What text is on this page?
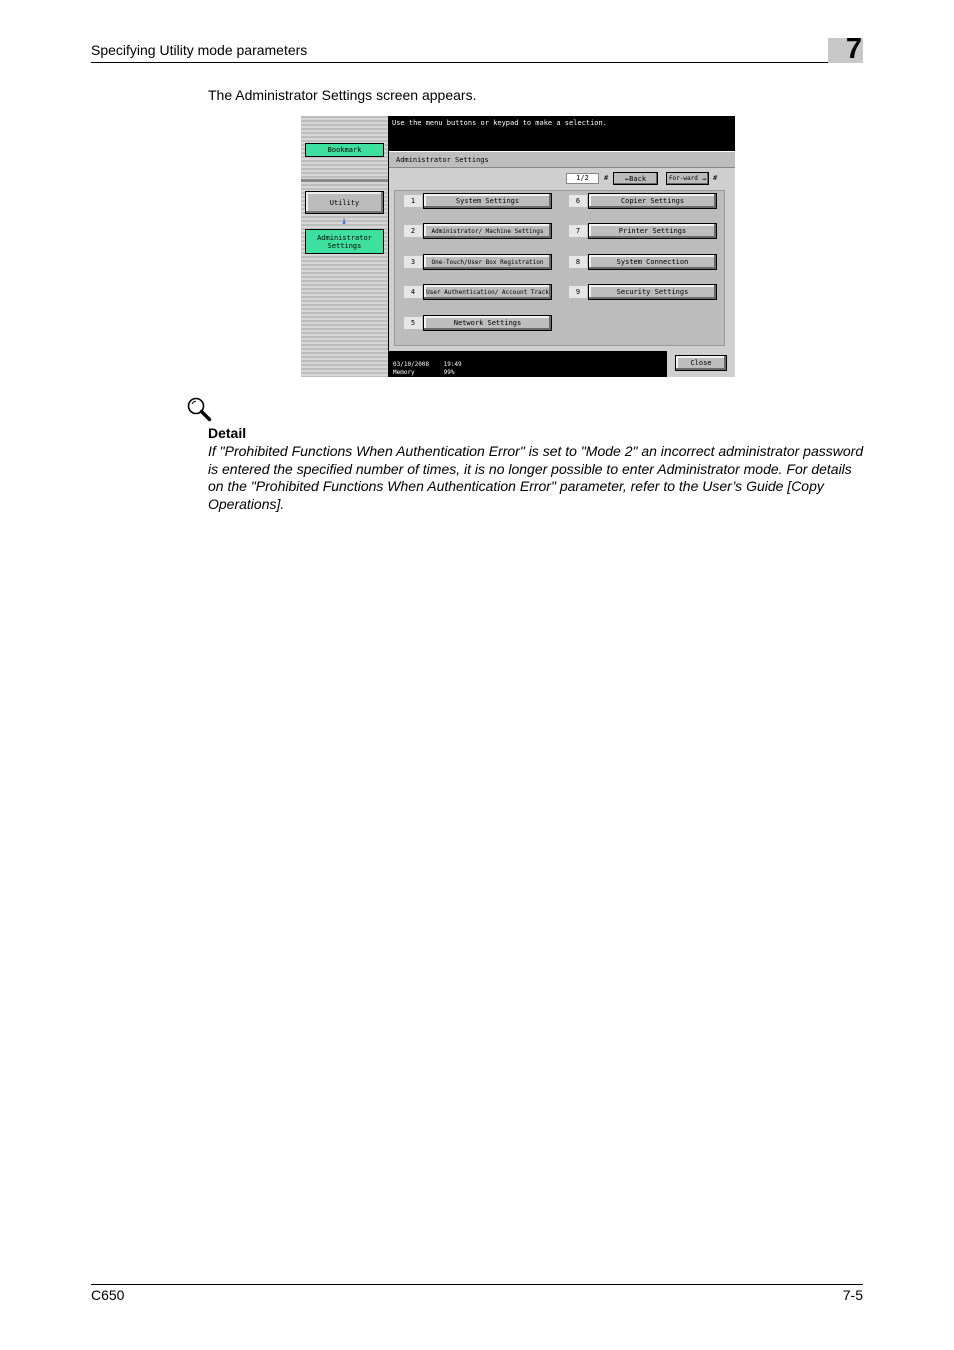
Specifying Utility mode parameters	7
The Administrator Settings screen appears.
Bookmark
Utility
↓
Administrator Settings
Use the menu buttons or keypad to make a selection.
Administrator Settings
1/2	# ← Back	For-ward → #
1	System Settings
2	Administrator/ Machine Settings
3	One-Touch/User Box Registration
4	User Authentication/ Account Track
5	Network Settings
6	Copier Settings
7	Printer Settings
8	System Connection
9	Security Settings
03/10/2008 19:49
Memory	99%
Close
Detail
If "Prohibited Functions When Authentication Error" is set to "Mode 2" an incorrect administrator password is entered the specified number of times, it is no longer possible to enter Administrator mode. For details on the "Prohibited Functions When Authentication Error" parameter, refer to the User’s Guide [Copy Operations].
C650	7-5
